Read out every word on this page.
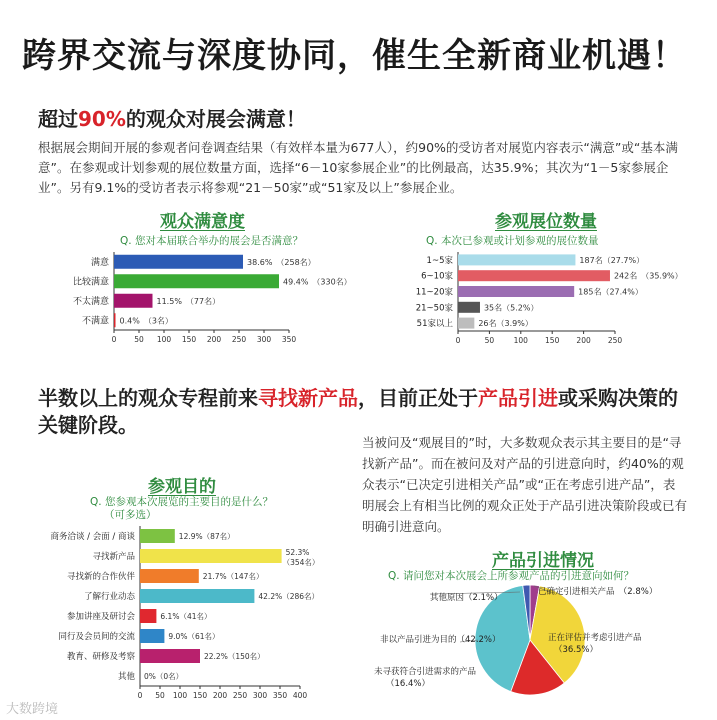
跨界交流与深度协同，催生全新商业机遇！
超过90%的观众对展会满意！
根据展会期间开展的参观者问卷调查结果（有效样本量为677人），约90%的受访者对展览内容表示“满意”或“基本满意”。在参观或计划参观的展位数量方面，选择“6－10家参展企业”的比例最高，达35.9%；其次为“1－5家参展企业”。另有9.1%的受访者表示将参观“21－50家”或“51家及以上”参展企业。
观众满意度
Q. 您对本届联合举办的展会是否满意？
0 50 100 150 200 250 300 350
满意	38.6%　（258名）
比较满意	49.4%　（330名）
不太满意	11.5%　（77名）
不满意 0.4%　（3名）
参观展位数量
Q. 本次已参观或计划参观的展位数量
0	50	100 150 200 250
1~5家	187名（27.7%）
6~10家	242名　（35.9%）
11~20家	185名（27.4%）
21~50家	35名（5.2%）
51家以上	26名（3.9%）
半数以上的观众专程前来寻找新产品，目前正处于产品引进或采购决策的关键阶段。
当被问及“观展目的”时，大多数观众表示其主要目的是“寻找新产品”。而在被问及对产品的引进意向时，约40%的观众表示“已决定引进相关产品”或“正在考虑引进产品”，表明展会上有相当比例的观众正处于产品引进决策阶段或已有明确引进意向。
参观目的
Q. 您参观本次展览的主要目的是什么？
（可多选）
0 50 100 150 200 250 300 350 400
商务洽谈 / 会面 / 商谈	12.9%（87名）
寻找新产品	52.3%
（354名）
寻找新的合作伙伴	21.7%（147名）
了解行业动态	42.2%（286名）
参加讲座及研讨会	6.1%（41名）
同行及会员间的交流	9.0%（61名）
教育、研修及考察	22.2%（150名）
其他 0%（0名）
产品引进情况
Q. 请问您对本次展会上所参观产品的引进意向如何？
已确定引进相关产品　（2.8%）
正在评估并考虑引进产品
（36.5%）
未寻获符合引进需求的产品
（16.4%）
非以产品引进为目的（42.2%）
其他原因（2.1%）
大数跨境
